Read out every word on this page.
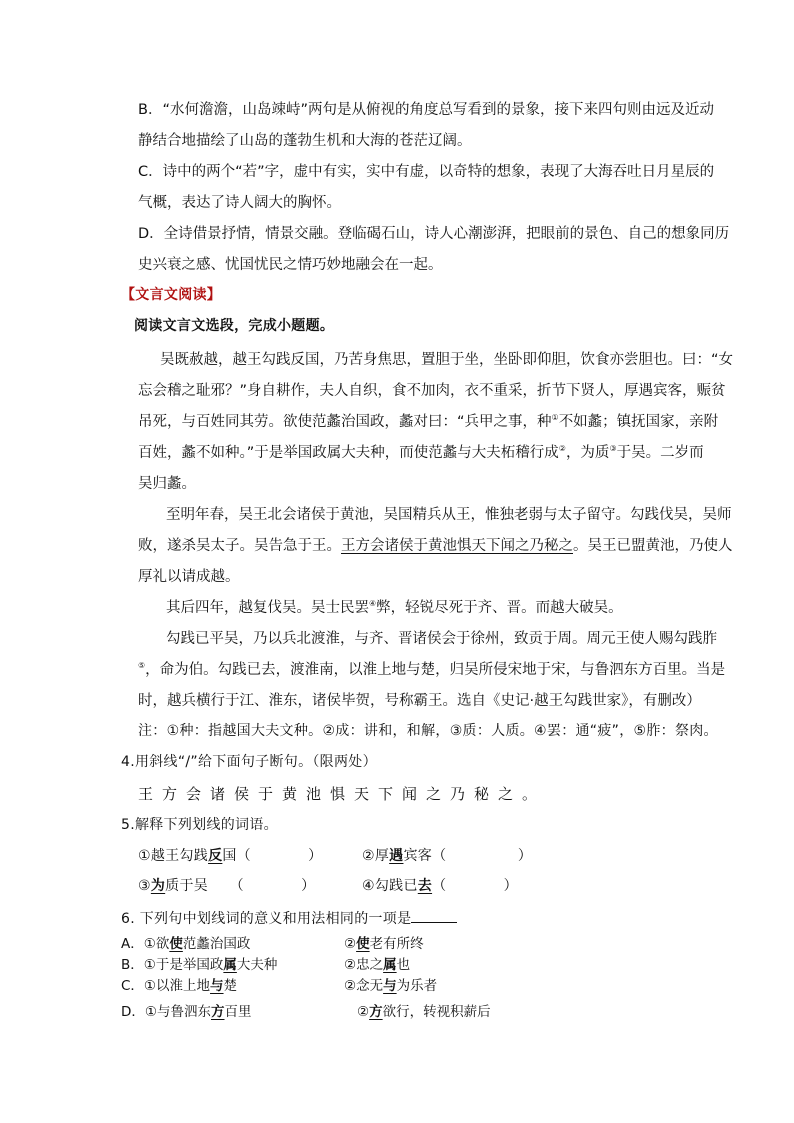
B．“水何澹澹，山岛竦峙”两句是从俯视的角度总写看到的景象，接下来四句则由远及近动
静结合地描绘了山岛的蓬勃生机和大海的苍茫辽阔。
C．诗中的两个“若”字，虚中有实，实中有虚，以奇特的想象，表现了大海吞吐日月星辰的
气概，表达了诗人阔大的胸怀。
D．全诗借景抒情，情景交融。登临碣石山，诗人心潮澎湃，把眼前的景色、自己的想象同历
史兴衰之感、忧国忧民之情巧妙地融会在一起。
【文言文阅读】
阅读文言文选段，完成小题题。
吴既赦越，越王勾践反国，乃苦身焦思，置胆于坐，坐卧即仰胆，饮食亦尝胆也。曰：“女
忘会稽之耻邪？”身自耕作，夫人自织，食不加肉，衣不重采，折节下贤人，厚遇宾客，赈贫
吊死，与百姓同其劳。欲使范蠡治国政，蠡对曰：“兵甲之事，种①不如蠡；镇抚国家，亲附
百姓，蠡不如种。”于是举国政属大夫种，而使范蠡与大夫柘稽行成②，为质③于吴。二岁而
吴归蠡。
至明年春，吴王北会诸侯于黄池，吴国精兵从王，惟独老弱与太子留守。勾践伐吴，吴师
败，遂杀吴太子。吴告急于王。王方会诸侯于黄池惧天下闻之乃秘之。吴王已盟黄池，乃使人
厚礼以请成越。
其后四年，越复伐吴。吴士民罢④弊，轻锐尽死于齐、晋。而越大破吴。
勾践已平吴，乃以兵北渡淮，与齐、晋诸侯会于徐州，致贡于周。周元王使人赐勾践胙
⑤，命为伯。勾践已去，渡淮南，以淮上地与楚，归吴所侵宋地于宋，与鲁泗东方百里。当是
时，越兵横行于江、淮东，诸侯毕贺，号称霸王。选自《史记·越王勾践世家》，有删改）
注：①种：指越国大夫文种。②成：讲和，和解，③质：人质。④罢：通“疲”，⑤胙：祭肉。
4.用斜线“/”给下面句子断句。（限两处）
王方会诸侯于黄池惧天下闻之乃秘之。
5.解释下列划线的词语。
①越王勾践反国（　　　　）	②厚遇宾客（　　　　　）
③为质于吴　　（　　　　）	④勾践已去（　　　　）
6. 下列句中划线词的意义和用法相同的一项是
A．①欲使范蠡治国政	②使老有所终
B．①于是举国政属大夫种	②忠之属也
C．①以淮上地与楚	②念无与为乐者
D．①与鲁泗东方百里	②方欲行，转视积薪后
